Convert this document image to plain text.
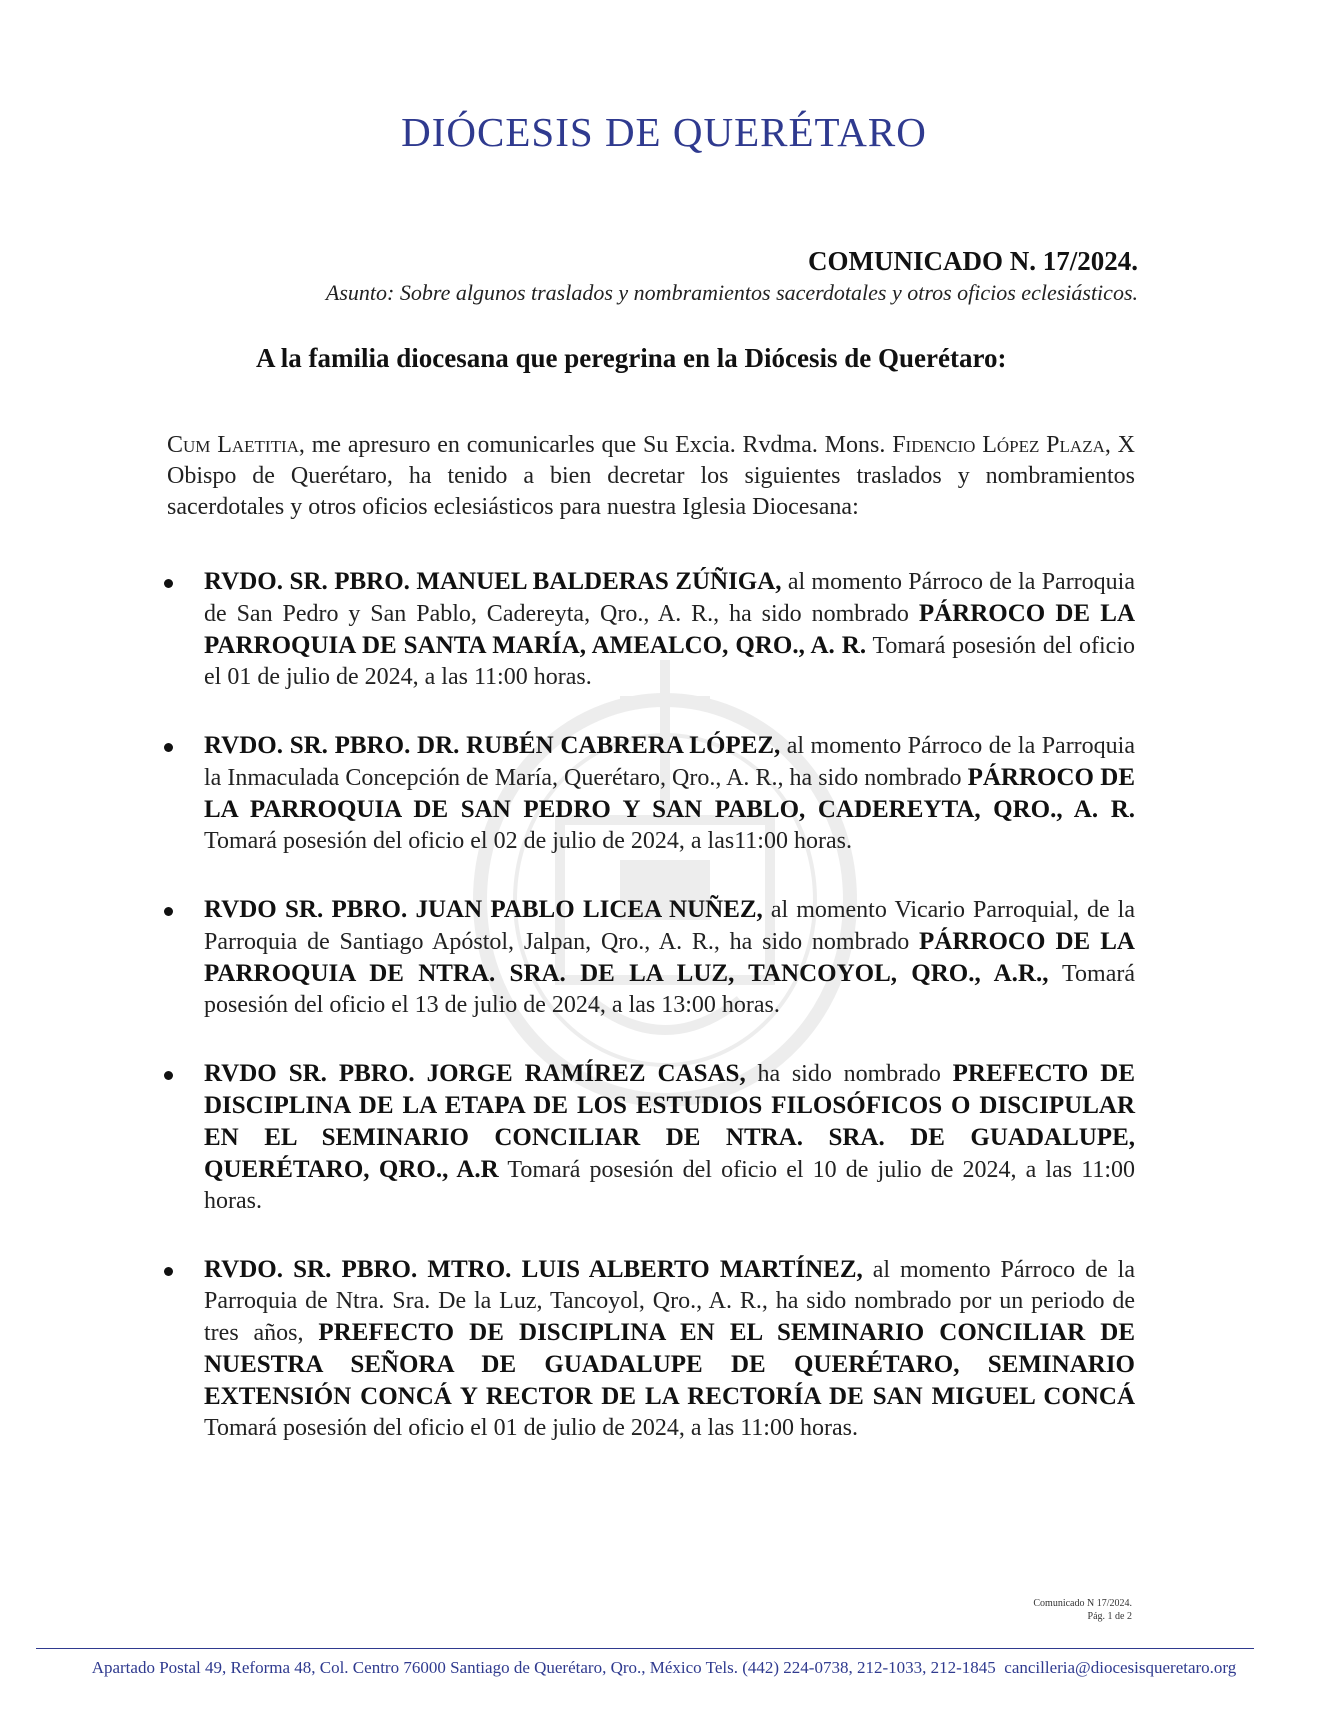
DIÓCESIS DE QUERÉTARO
COMUNICADO N. 17/2024.
Asunto: Sobre algunos traslados y nombramientos sacerdotales y otros oficios eclesiásticos.
A la familia diocesana que peregrina en la Diócesis de Querétaro:

Cum Laetitia, me apresuro en comunicarles que Su Excia. Rvdma. Mons. Fidencio López Plaza, X Obispo de Querétaro, ha tenido a bien decretar los siguientes traslados y nombramientos sacerdotales y otros oficios eclesiásticos para nuestra Iglesia Diocesana:

RVDO. SR. PBRO. MANUEL BALDERAS ZÚÑIGA, al momento Párroco de la Parroquia de San Pedro y San Pablo, Cadereyta, Qro., A. R., ha sido nombrado PÁRROCO DE LA PARROQUIA DE SANTA MARÍA, AMEALCO, QRO., A. R. Tomará posesión del oficio el 01 de julio de 2024, a las 11:00 horas.
RVDO. SR. PBRO. DR. RUBÉN CABRERA LÓPEZ, al momento Párroco de la Parroquia la Inmaculada Concepción de María, Querétaro, Qro., A. R., ha sido nombrado PÁRROCO DE LA PARROQUIA DE SAN PEDRO Y SAN PABLO, CADEREYTA, QRO., A. R. Tomará posesión del oficio el 02 de julio de 2024, a las11:00 horas.
RVDO SR. PBRO. JUAN PABLO LICEA NUÑEZ, al momento Vicario Parroquial, de la Parroquia de Santiago Apóstol, Jalpan, Qro., A. R., ha sido nombrado PÁRROCO DE LA PARROQUIA DE NTRA. SRA. DE LA LUZ, TANCOYOL, QRO., A.R., Tomará posesión del oficio el 13 de julio de 2024, a las 13:00 horas.
RVDO SR. PBRO. JORGE RAMÍREZ CASAS, ha sido nombrado PREFECTO DE DISCIPLINA DE LA ETAPA DE LOS ESTUDIOS FILOSÓFICOS O DISCIPULAR EN EL SEMINARIO CONCILIAR DE NTRA. SRA. DE GUADALUPE, QUERÉTARO, QRO., A.R Tomará posesión del oficio el 10 de julio de 2024, a las 11:00 horas.
RVDO. SR. PBRO. MTRO. LUIS ALBERTO MARTÍNEZ, al momento Párroco de la Parroquia de Ntra. Sra. De la Luz, Tancoyol, Qro., A. R., ha sido nombrado por un periodo de tres años, PREFECTO DE DISCIPLINA EN EL SEMINARIO CONCILIAR DE NUESTRA SEÑORA DE GUADALUPE DE QUERÉTARO, SEMINARIO EXTENSIÓN CONCÁ Y RECTOR DE LA RECTORÍA DE SAN MIGUEL CONCÁ Tomará posesión del oficio el 01 de julio de 2024, a las 11:00 horas.
Comunicado N 17/2024.
Pág. 1 de 2
Apartado Postal 49, Reforma 48, Col. Centro 76000 Santiago de Querétaro, Qro., México Tels. (442) 224-0738, 212-1033, 212-1845 cancilleria@diocesisqueretaro.org
